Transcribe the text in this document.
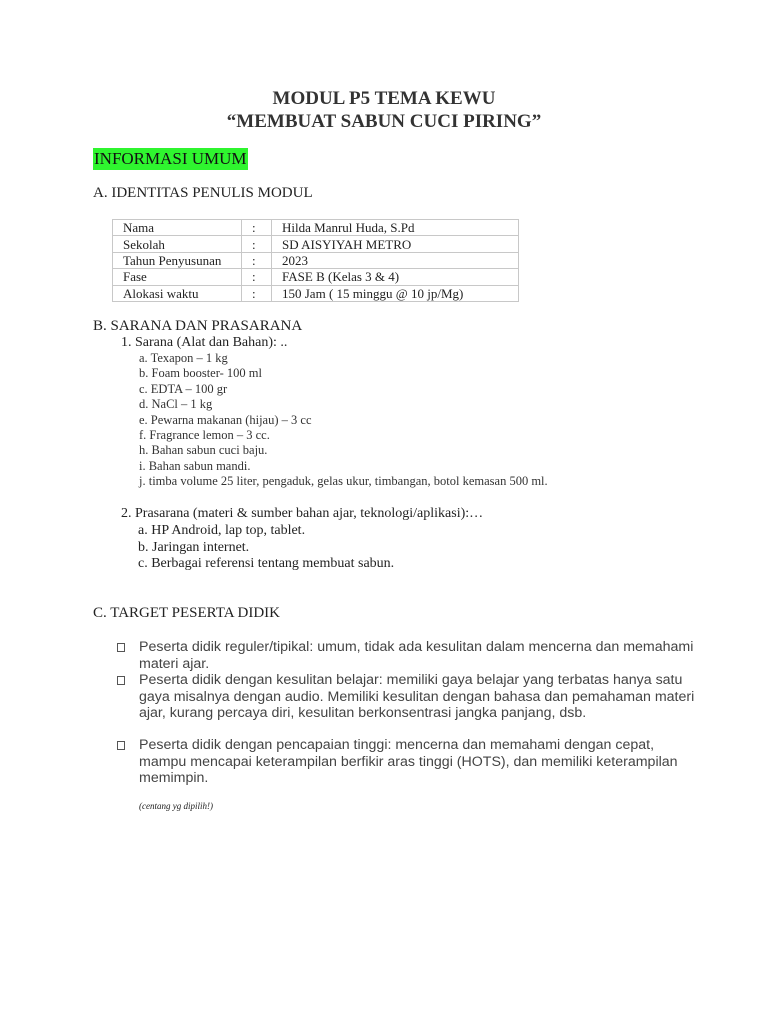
MODUL P5 TEMA KEWU
“MEMBUAT SABUN CUCI PIRING”
INFORMASI UMUM
A. IDENTITAS PENULIS MODUL
Nama	:	Hilda Manrul Huda, S.Pd
Sekolah	:	SD AISYIYAH METRO
Tahun Penyusunan	:	2023
Fase	:	FASE B (Kelas 3 & 4)
Alokasi waktu	:	150 Jam ( 15 minggu @ 10 jp/Mg)
B. SARANA DAN PRASARANA
1. Sarana (Alat dan Bahan): ..
a. Texapon – 1 kg
b. Foam booster- 100 ml
c. EDTA – 100 gr
d. NaCl – 1 kg
e. Pewarna makanan (hijau) – 3 cc
f. Fragrance lemon – 3 cc.
h. Bahan sabun cuci baju.
i. Bahan sabun mandi.
j. timba volume 25 liter, pengaduk, gelas ukur, timbangan, botol kemasan 500 ml.
2. Prasarana (materi & sumber bahan ajar, teknologi/aplikasi):…
a. HP Android, lap top, tablet.
b. Jaringan internet.
c. Berbagai referensi tentang membuat sabun.
C. TARGET PESERTA DIDIK
Peserta didik reguler/tipikal: umum, tidak ada kesulitan dalam mencerna dan memahami materi ajar.
Peserta didik dengan kesulitan belajar: memiliki gaya belajar yang terbatas hanya satu gaya misalnya dengan audio. Memiliki kesulitan dengan bahasa dan pemahaman materi ajar, kurang percaya diri, kesulitan berkonsentrasi jangka panjang, dsb.
Peserta didik dengan pencapaian tinggi: mencerna dan memahami dengan cepat, mampu mencapai keterampilan berfikir aras tinggi (HOTS), dan memiliki keterampilan memimpin.
(centang yg dipilih!)
